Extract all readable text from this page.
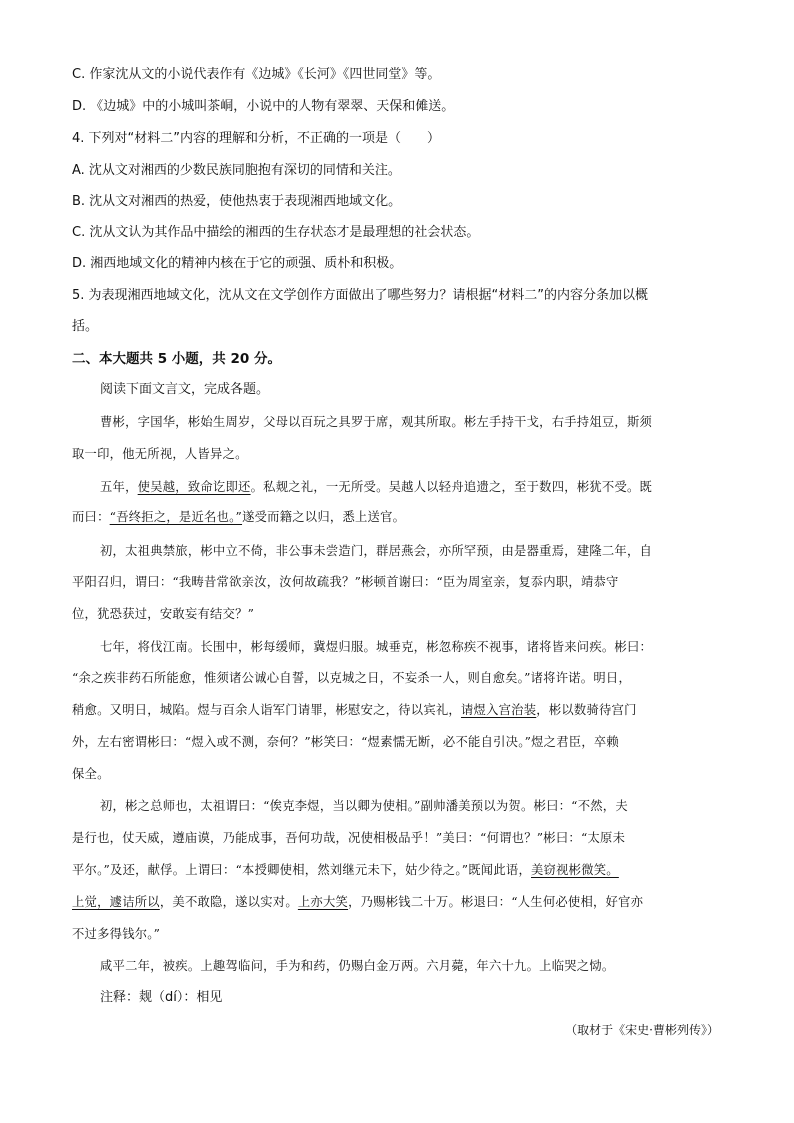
C. 作家沈从文的小说代表作有《边城》《长河》《四世同堂》等。
D. 《边城》中的小城叫茶峒，小说中的人物有翠翠、天保和傩送。
4. 下列对“材料二”内容的理解和分析，不正确的一项是（　　）
A. 沈从文对湘西的少数民族同胞抱有深切的同情和关注。
B. 沈从文对湘西的热爱，使他热衷于表现湘西地域文化。
C. 沈从文认为其作品中描绘的湘西的生存状态才是最理想的社会状态。
D. 湘西地域文化的精神内核在于它的顽强、质朴和积极。
5. 为表现湘西地域文化，沈从文在文学创作方面做出了哪些努力？请根据“材料二”的内容分条加以概
括。
二、本大题共 5 小题，共 20 分。
阅读下面文言文，完成各题。
曹彬，字国华，彬始生周岁，父母以百玩之具罗于席，观其所取。彬左手持干戈，右手持俎豆，斯须
取一印，他无所视，人皆异之。
五年，使吴越，致命讫即还。私觌之礼，一无所受。吴越人以轻舟追遗之，至于数四，彬犹不受。既
而曰：“吾终拒之，是近名也。”遂受而籍之以归，悉上送官。
初，太祖典禁旅，彬中立不倚，非公事未尝造门，群居燕会，亦所罕预，由是器重焉，建隆二年，自
平阳召归，谓曰：“我畴昔常欲亲汝，汝何故疏我？”彬顿首谢曰：“臣为周室亲，复忝内职，靖恭守
位，犹恐获过，安敢妄有结交？”
七年，将伐江南。长围中，彬每缓师，冀煜归服。城垂克，彬忽称疾不视事，诸将皆来问疾。彬曰：
“余之疾非药石所能愈，惟须诸公诚心自誓，以克城之日，不妄杀一人，则自愈矣。”诸将许诺。明日，
稍愈。又明日，城陷。煜与百余人诣军门请罪，彬慰安之，待以宾礼，请煜入宫治装，彬以数骑待宫门
外，左右密谓彬曰：“煜入或不测，奈何？”彬笑曰：“煜素懦无断，必不能自引决。”煜之君臣，卒赖
保全。
初，彬之总师也，太祖谓曰：“俟克李煜，当以卿为使相。”副帅潘美预以为贺。彬曰：“不然，夫
是行也，仗天威，遵庙谟，乃能成事，吾何功哉，况使相极品乎！”美曰：“何谓也？”彬曰：“太原未
平尔。”及还，献俘。上谓曰：“本授卿使相，然刘继元未下，姑少待之。”既闻此语，美窃视彬微笑。
上觉，遽诘所以，美不敢隐，遂以实对。上亦大笑，乃赐彬钱二十万。彬退曰：“人生何必使相，好官亦
不过多得钱尔。”
咸平二年，被疾。上趣驾临问，手为和药，仍赐白金万两。六月薨，年六十九。上临哭之恸。
注释：觌（dí）：相见
（取材于《宋史·曹彬列传》）
